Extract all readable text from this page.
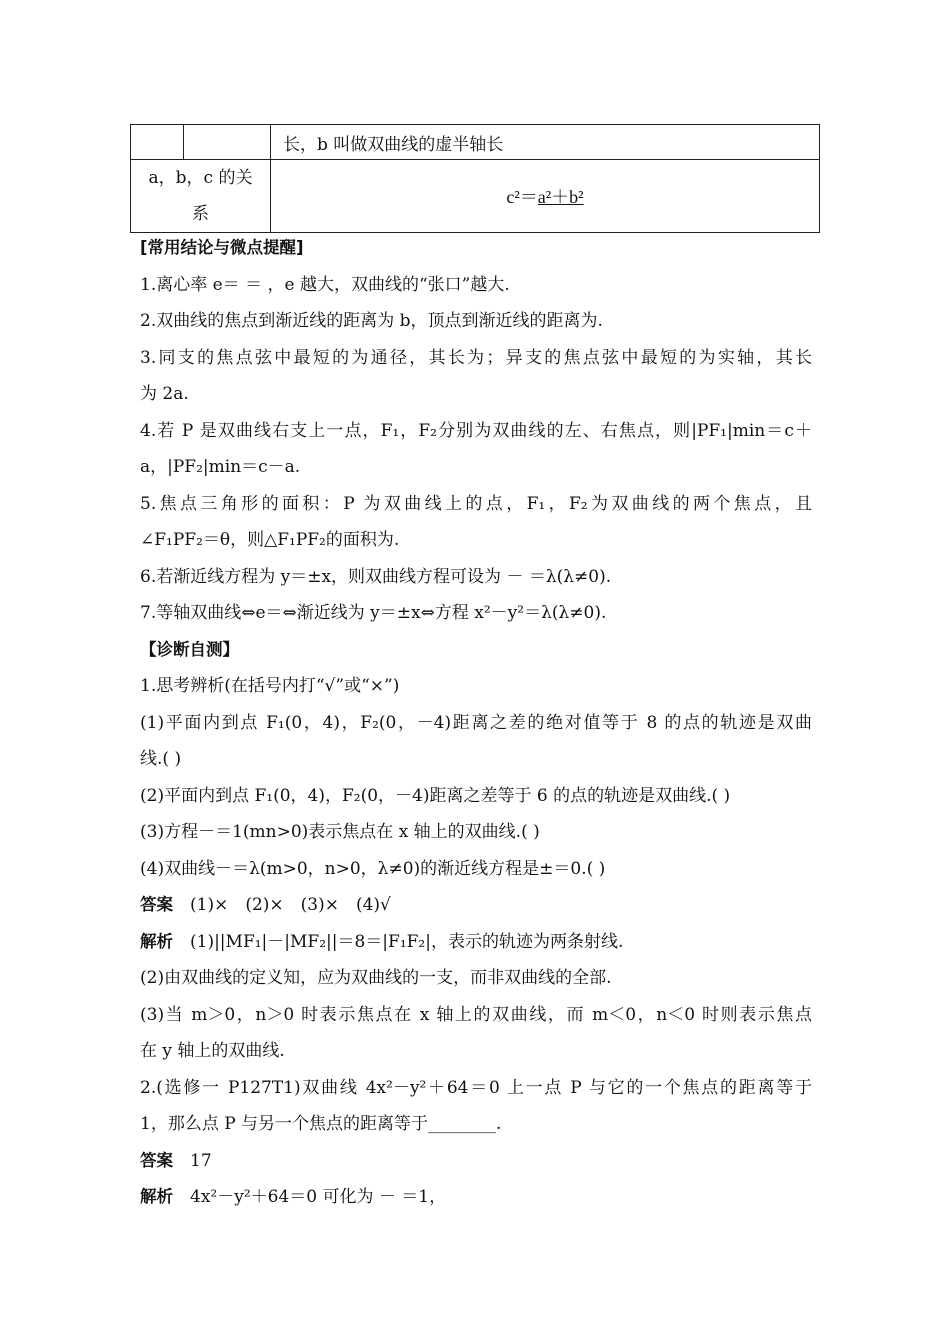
		长，b 叫做双曲线的虚半轴长

a，b，c 的关
系		c²＝a²＋b²
[常用结论与微点提醒]
1.离心率 e＝ ＝ ，e 越大，双曲线的“张口”越大.
2.双曲线的焦点到渐近线的距离为 b，顶点到渐近线的距离为.
3.同支的焦点弦中最短的为通径，其长为；异支的焦点弦中最短的为实轴，其长
为 2a.
4.若 P 是双曲线右支上一点，F₁，F₂分别为双曲线的左、右焦点，则|PF₁|min＝c＋
a，|PF₂|min＝c－a.
5.焦点三角形的面积：P 为双曲线上的点，F₁，F₂为双曲线的两个焦点，且
∠F₁PF₂＝θ，则△F₁PF₂的面积为.
6.若渐近线方程为 y＝±x，则双曲线方程可设为 － ＝λ(λ≠0).
7.等轴双曲线⇔e＝⇔渐近线为 y＝±x⇔方程 x²－y²＝λ(λ≠0).
【诊断自测】
1.思考辨析(在括号内打“√”或“×”)
(1)平面内到点 F₁(0，4)，F₂(0，－4)距离之差的绝对值等于 8 的点的轨迹是双曲
线.( )
(2)平面内到点 F₁(0，4)，F₂(0，－4)距离之差等于 6 的点的轨迹是双曲线.( )
(3)方程－＝1(mn>0)表示焦点在 x 轴上的双曲线.( )
(4)双曲线－＝λ(m>0，n>0，λ≠0)的渐近线方程是±＝0.( )
答案　 (1)×　(2)×　(3)×　(4)√
解析　 (1)||MF₁|－|MF₂||＝8＝|F₁F₂|，表示的轨迹为两条射线.
(2)由双曲线的定义知，应为双曲线的一支，而非双曲线的全部.
(3)当 m＞0，n＞0 时表示焦点在 x 轴上的双曲线，而 m＜0，n＜0 时则表示焦点
在 y 轴上的双曲线.
2.(选修一 P127T1)双曲线 4x²－y²＋64＝0 上一点 P 与它的一个焦点的距离等于
1，那么点 P 与另一个焦点的距离等于________.
答案　 17
解析　 4x²－y²＋64＝0 可化为 － ＝1，
